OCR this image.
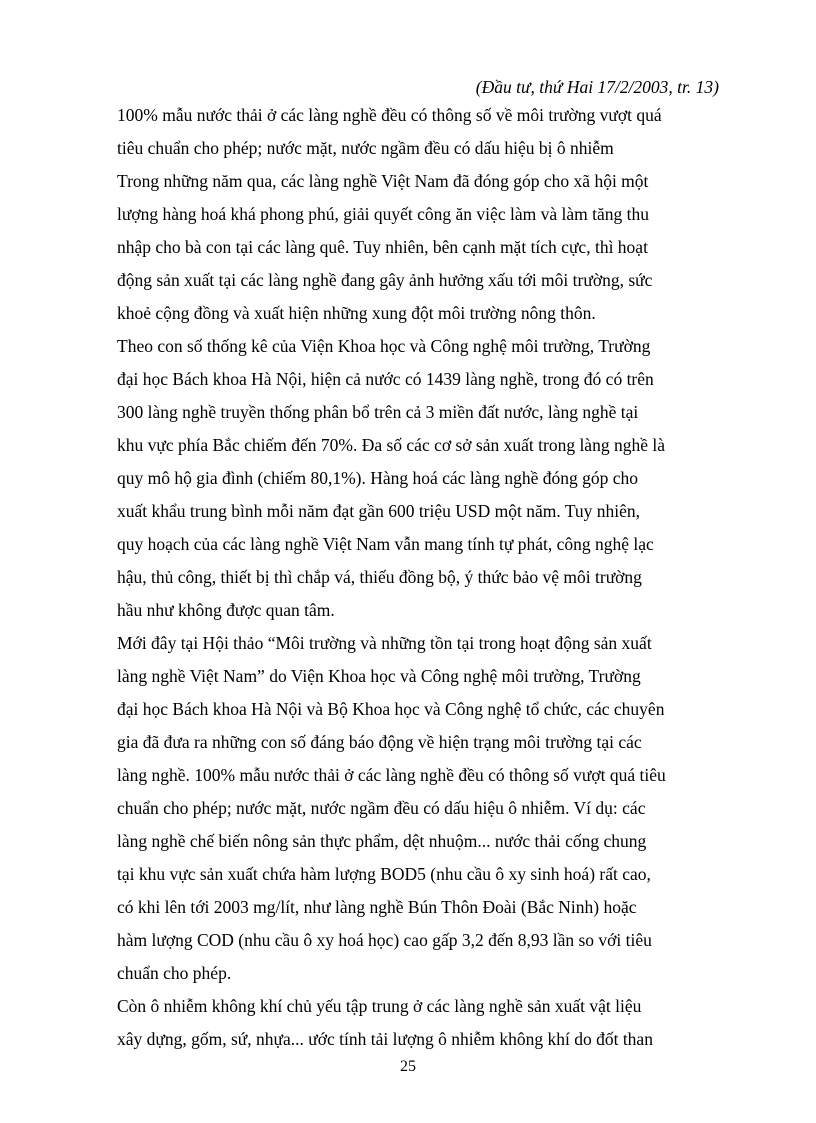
(Đầu tư, thứ Hai 17/2/2003, tr. 13)
100% mẫu nước thải ở các làng nghề đều có thông số về môi trường vượt quá
tiêu chuẩn cho phép; nước mặt, nước ngầm đều có dấu hiệu bị ô nhiễm
Trong những năm qua, các làng nghề Việt Nam đã đóng góp cho xã hội một
lượng hàng hoá khá phong phú, giải quyết công ăn việc làm và làm tăng thu
nhập cho bà con tại các làng quê. Tuy nhiên, bên cạnh mặt tích cực, thì hoạt
động sản xuất tại các làng nghề đang gây ảnh hưởng xấu tới môi trường, sức
khoẻ cộng đồng và xuất hiện những xung đột môi trường nông thôn.
Theo con số thống kê của Viện Khoa học và Công nghệ môi trường, Trường
đại học Bách khoa Hà Nội, hiện cả nước có 1439 làng nghề, trong đó có trên
300 làng nghề truyền thống phân bổ trên cả 3 miền đất nước, làng nghề tại
khu vực phía Bắc chiếm đến 70%. Đa số các cơ sở sản xuất trong làng nghề là
quy mô hộ gia đình (chiếm 80,1%). Hàng hoá các làng nghề đóng góp cho
xuất khẩu trung bình mỗi năm đạt gần 600 triệu USD một năm. Tuy nhiên,
quy hoạch của các làng nghề Việt Nam vẫn mang tính tự phát, công nghệ lạc
hậu, thủ công, thiết bị thì chắp vá, thiếu đồng bộ, ý thức bảo vệ môi trường
hầu như không được quan tâm.
Mới đây tại Hội thảo “Môi trường và những tồn tại trong hoạt động sản xuất
làng nghề Việt Nam” do Viện Khoa học và Công nghệ môi trường, Trường
đại học Bách khoa Hà Nội và Bộ Khoa học và Công nghệ tổ chức, các chuyên
gia đã đưa ra những con số đáng báo động về hiện trạng môi trường tại các
làng nghề. 100% mẫu nước thải ở các làng nghề đều có thông số vượt quá tiêu
chuẩn cho phép; nước mặt, nước ngầm đều có dấu hiệu ô nhiễm. Ví dụ: các
làng nghề chế biến nông sản thực phẩm, dệt nhuộm... nước thải cống chung
tại khu vực sản xuất chứa hàm lượng BOD5 (nhu cầu ô xy sinh hoá) rất cao,
có khi lên tới 2003 mg/lít, như làng nghề Bún Thôn Đoài (Bắc Ninh) hoặc
hàm lượng COD (nhu cầu ô xy hoá học) cao gấp 3,2 đến 8,93 lần so với tiêu
chuẩn cho phép.
Còn ô nhiễm không khí chủ yếu tập trung ở các làng nghề sản xuất vật liệu
xây dựng, gốm, sứ, nhựa... ước tính tải lượng ô nhiễm không khí do đốt than
25
